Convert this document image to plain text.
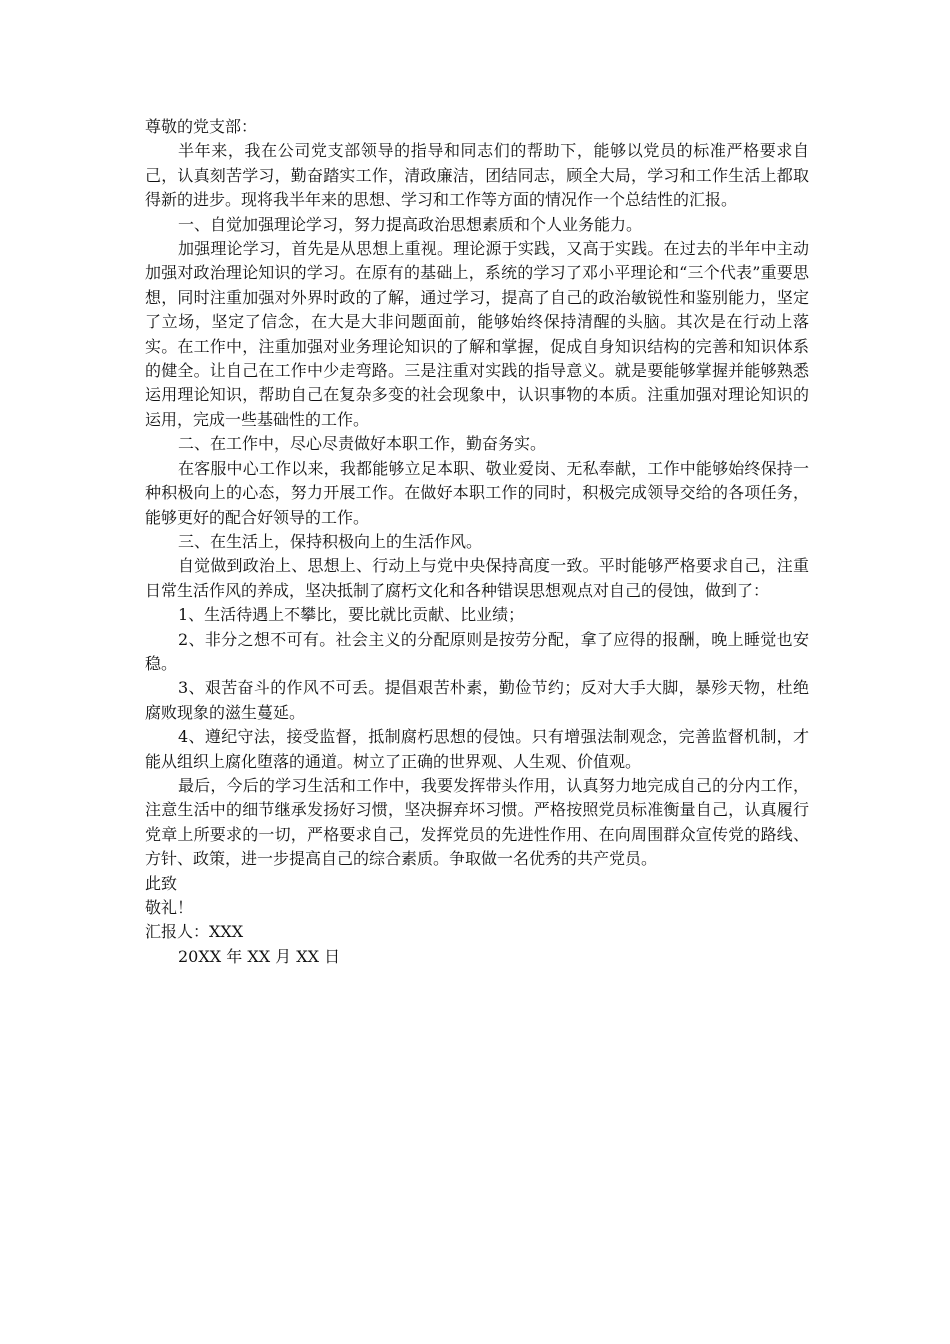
尊敬的党支部：

半年来，我在公司党支部领导的指导和同志们的帮助下，能够以党员的标准严格要求自己，认真刻苦学习，勤奋踏实工作，清政廉洁，团结同志，顾全大局，学习和工作生活上都取得新的进步。现将我半年来的思想、学习和工作等方面的情况作一个总结性的汇报。

一、自觉加强理论学习，努力提高政治思想素质和个人业务能力。

加强理论学习，首先是从思想上重视。理论源于实践，又高于实践。在过去的半年中主动加强对政治理论知识的学习。在原有的基础上，系统的学习了邓小平理论和“三个代表”重要思想，同时注重加强对外界时政的了解，通过学习，提高了自己的政治敏锐性和鉴别能力，坚定了立场，坚定了信念，在大是大非问题面前，能够始终保持清醒的头脑。其次是在行动上落实。在工作中，注重加强对业务理论知识的了解和掌握，促成自身知识结构的完善和知识体系的健全。让自己在工作中少走弯路。三是注重对实践的指导意义。就是要能够掌握并能够熟悉运用理论知识，帮助自己在复杂多变的社会现象中，认识事物的本质。注重加强对理论知识的运用，完成一些基础性的工作。

二、在工作中，尽心尽责做好本职工作，勤奋务实。

在客服中心工作以来，我都能够立足本职、敬业爱岗、无私奉献，工作中能够始终保持一种积极向上的心态，努力开展工作。在做好本职工作的同时，积极完成领导交给的各项任务，能够更好的配合好领导的工作。

三、在生活上，保持积极向上的生活作风。

自觉做到政治上、思想上、行动上与党中央保持高度一致。平时能够严格要求自己，注重日常生活作风的养成，坚决抵制了腐朽文化和各种错误思想观点对自己的侵蚀，做到了：

1、生活待遇上不攀比，要比就比贡献、比业绩；

2、非分之想不可有。社会主义的分配原则是按劳分配，拿了应得的报酬，晚上睡觉也安稳。

3、艰苦奋斗的作风不可丢。提倡艰苦朴素，勤俭节约；反对大手大脚，暴殄天物，杜绝腐败现象的滋生蔓延。

4、遵纪守法，接受监督，抵制腐朽思想的侵蚀。只有增强法制观念，完善监督机制，才能从组织上腐化堕落的通道。树立了正确的世界观、人生观、价值观。

最后，今后的学习生活和工作中，我要发挥带头作用，认真努力地完成自己的分内工作，注意生活中的细节继承发扬好习惯，坚决摒弃坏习惯。严格按照党员标准衡量自己，认真履行党章上所要求的一切，严格要求自己，发挥党员的先进性作用、在向周围群众宣传党的路线、方针、政策，进一步提高自己的综合素质。争取做一名优秀的共产党员。

此致

敬礼！

汇报人：XXX

20XX 年 XX 月 XX 日
